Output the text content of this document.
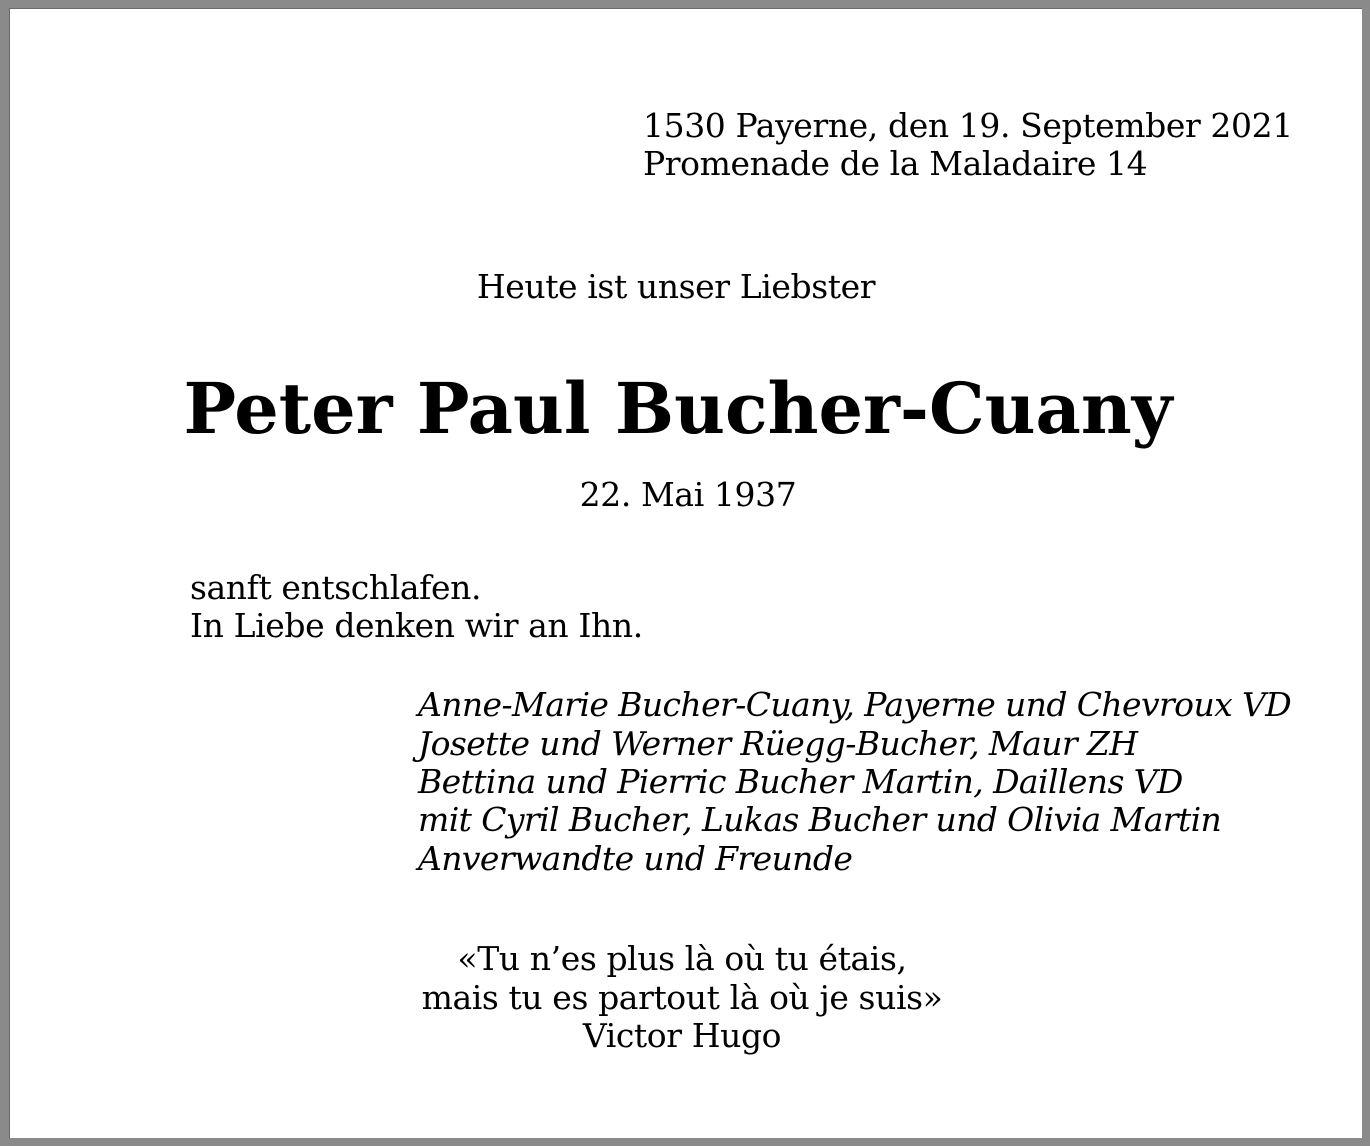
1530 Payerne, den 19. September 2021
Promenade de la Maladaire 14
Heute ist unser Liebster
Peter Paul Bucher-Cuany
22. Mai 1937
sanft entschlafen.
In Liebe denken wir an Ihn.
Anne-Marie Bucher-Cuany, Payerne und Chevroux VD
Josette und Werner Rüegg-Bucher, Maur ZH
Bettina und Pierric Bucher Martin, Daillens VD
mit Cyril Bucher, Lukas Bucher und Olivia Martin
Anverwandte und Freunde
«Tu n’es plus là où tu étais,
mais tu es partout là où je suis»
Victor Hugo
